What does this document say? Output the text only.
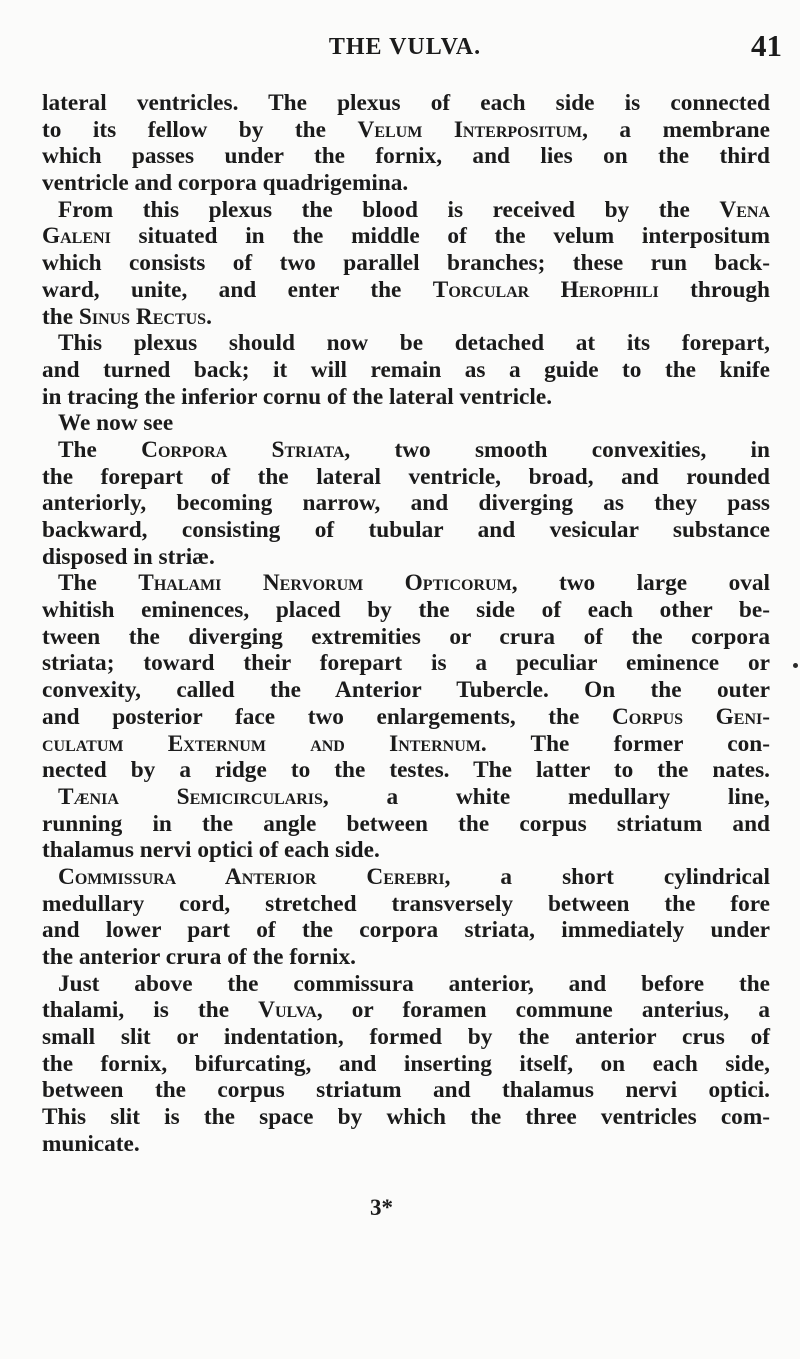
THE VULVA.	41
lateral ventricles. The plexus of each side is connected
to its fellow by the Velum Interpositum, a membrane
which passes under the fornix, and lies on the third
ventricle and corpora quadrigemina.
From this plexus the blood is received by the Vena
Galeni situated in the middle of the velum interpositum
which consists of two parallel branches; these run back-
ward, unite, and enter the Torcular Herophili through
the Sinus Rectus.
This plexus should now be detached at its forepart,
and turned back; it will remain as a guide to the knife
in tracing the inferior cornu of the lateral ventricle.
We now see
The Corpora Striata, two smooth convexities, in
the forepart of the lateral ventricle, broad, and rounded
anteriorly, becoming narrow, and diverging as they pass
backward, consisting of tubular and vesicular substance
disposed in striæ.
The Thalami Nervorum Opticorum, two large oval
whitish eminences, placed by the side of each other be-
tween the diverging extremities or crura of the corpora
striata; toward their forepart is a peculiar eminence or
convexity, called the Anterior Tubercle. On the outer
and posterior face two enlargements, the Corpus Geni-
culatum Externum and Internum. The former con-
nected by a ridge to the testes. The latter to the nates.
Tænia Semicircularis, a white medullary line,
running in the angle between the corpus striatum and
thalamus nervi optici of each side.
Commissura Anterior Cerebri, a short cylindrical
medullary cord, stretched transversely between the fore
and lower part of the corpora striata, immediately under
the anterior crura of the fornix.
Just above the commissura anterior, and before the
thalami, is the Vulva, or foramen commune anterius, a
small slit or indentation, formed by the anterior crus of
the fornix, bifurcating, and inserting itself, on each side,
between the corpus striatum and thalamus nervi optici.
This slit is the space by which the three ventricles com-
municate.
3*
